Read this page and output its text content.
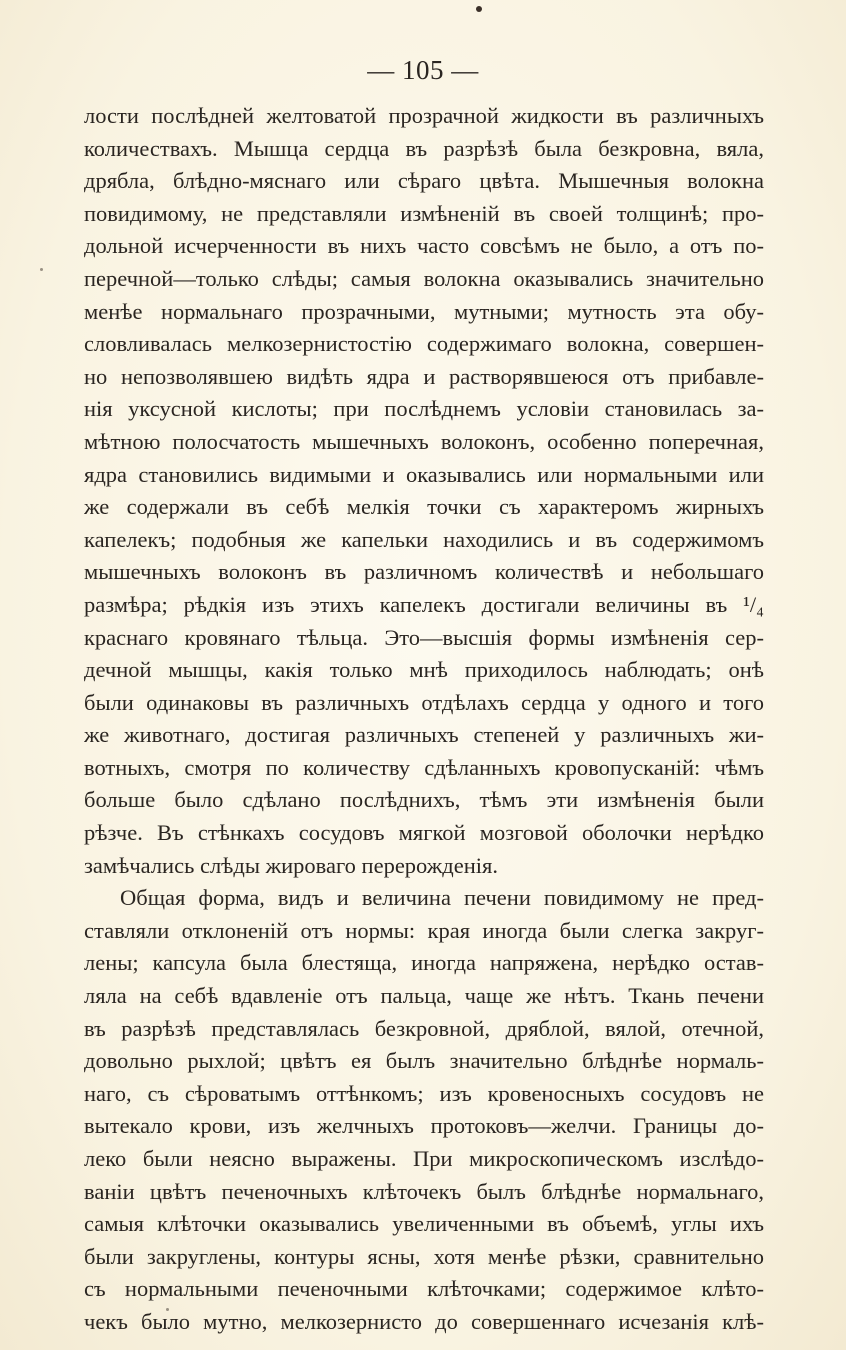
— 105 —
лости послѣдней желтоватой прозрачной жидкости въ различныхъ
количествахъ. Мышца сердца въ разрѣзѣ была безкровна, вяла,
дрябла, блѣдно-мяснаго или сѣраго цвѣта. Мышечныя волокна
повидимому, не представляли измѣненій въ своей толщинѣ; про-
дольной исчерченности въ нихъ часто совсѣмъ не было, а отъ по-
перечной—только слѣды; самыя волокна оказывались значительно
менѣе нормальнаго прозрачными, мутными; мутность эта обу-
словливалась мелкозернистостію содержимаго волокна, совершен-
но непозволявшею видѣть ядра и растворявшеюся отъ прибавле-
нія уксусной кислоты; при послѣднемъ условіи становилась за-
мѣтною полосчатость мышечныхъ волоконъ, особенно поперечная,
ядра становились видимыми и оказывались или нормальными или
же содержали въ себѣ мелкія точки съ характеромъ жирныхъ
капелекъ; подобныя же капельки находились и въ содержимомъ
мышечныхъ волоконъ въ различномъ количествѣ и небольшаго
размѣра; рѣдкія изъ этихъ капелекъ достигали величины въ ¹/₄
краснаго кровянаго тѣльца. Это—высшія формы измѣненія сер-
дечной мышцы, какія только мнѣ приходилось наблюдать; онѣ
были одинаковы въ различныхъ отдѣлахъ сердца у одного и того
же животнаго, достигая различныхъ степеней у различныхъ жи-
вотныхъ, смотря по количеству сдѣланныхъ кровопусканій: чѣмъ
больше было сдѣлано послѣднихъ, тѣмъ эти измѣненія были
рѣзче. Въ стѣнкахъ сосудовъ мягкой мозговой оболочки нерѣдко
замѣчались слѣды жироваго перерожденія.
Общая форма, видъ и величина печени повидимому не пред-
ставляли отклоненій отъ нормы: края иногда были слегка закруг-
лены; капсула была блестяща, иногда напряжена, нерѣдко остав-
ляла на себѣ вдавленіе отъ пальца, чаще же нѣтъ. Ткань печени
въ разрѣзѣ представлялась безкровной, дряблой, вялой, отечной,
довольно рыхлой; цвѣтъ ея былъ значительно блѣднѣе нормаль-
наго, съ сѣроватымъ оттѣнкомъ; изъ кровеносныхъ сосудовъ не
вытекало крови, изъ желчныхъ протоковъ—желчи. Границы до-
леко были неясно выражены. При микроскопическомъ изслѣдо-
ваніи цвѣтъ печеночныхъ клѣточекъ былъ блѣднѣе нормальнаго,
самыя клѣточки оказывались увеличенными въ объемѣ, углы ихъ
были закруглены, контуры ясны, хотя менѣе рѣзки, сравнительно
съ нормальными печеночными клѣточками; содержимое клѣто-
чекъ было мутно, мелкозернисто до совершеннаго исчезанія клѣ-
